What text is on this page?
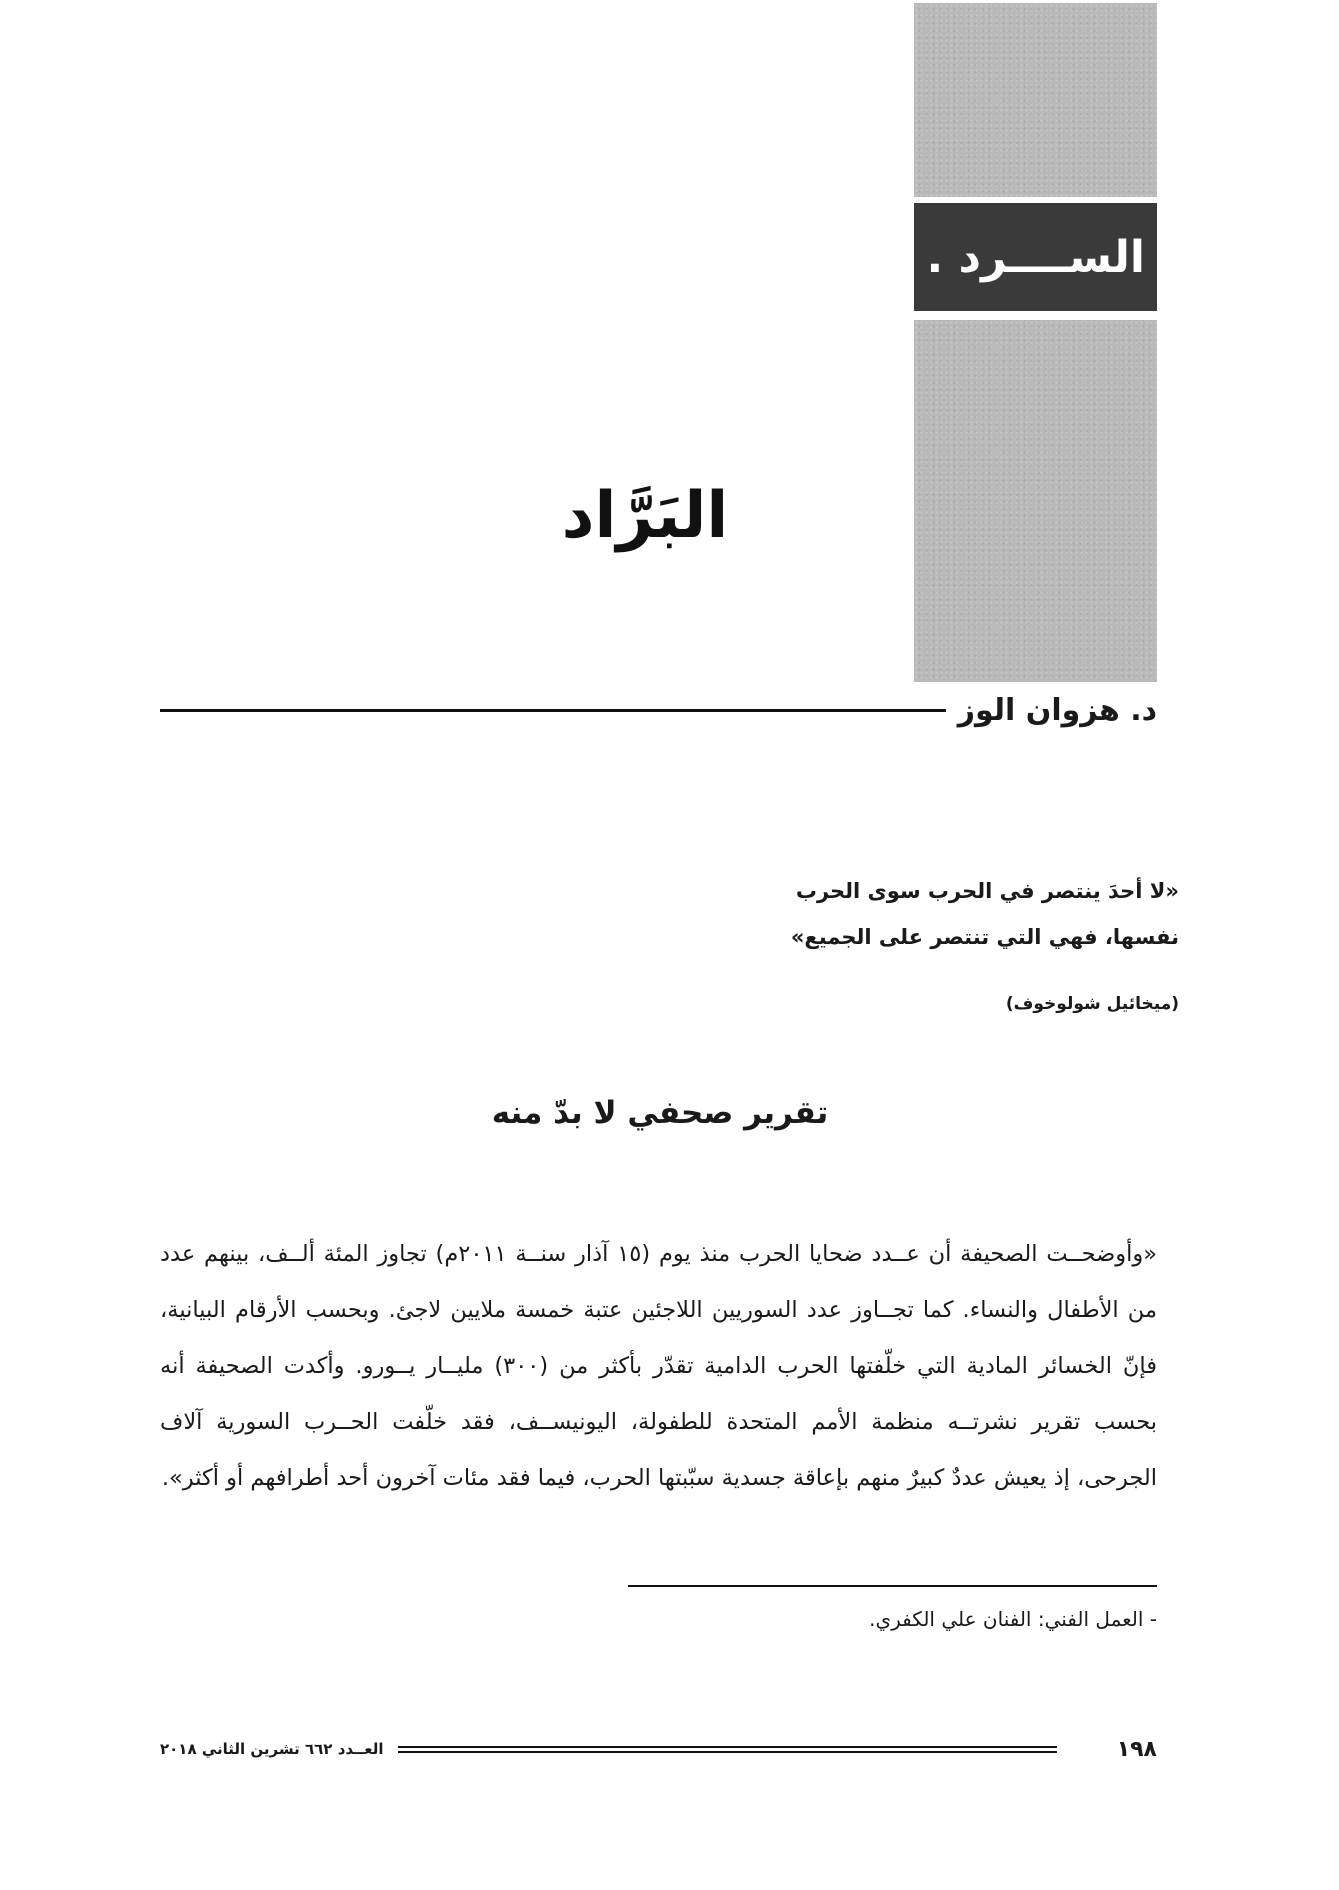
الســــرد . . .
البَرَّاد
د. هزوان الوز
«لا أحدَ ينتصر في الحرب سوى الحرب
نفسها، فهي التي تنتصر على الجميع»
(ميخائيل شولوخوف)
تقرير صحفي لا بدّ منه

«وأوضحــت الصحيفة أن عــدد ضحايا الحرب منذ يوم (١٥ آذار سنــة ٢٠١١م) تجاوز المئة ألــف، بينهم عدد من الأطفال والنساء. كما تجــاوز عدد السوريين اللاجئين عتبة خمسة ملايين لاجئ. وبحسب الأرقام البيانية، فإنّ الخسائر المادية التي خلّفتها الحرب الدامية تقدّر بأكثر من (٣٠٠) مليــار يــورو. وأكدت الصحيفة أنه بحسب تقرير نشرتــه منظمة الأمم المتحدة للطفولة، اليونيســف، فقد خلّفت الحــرب السورية آلاف الجرحى، إذ يعيش عددٌ كبيرٌ منهم بإعاقة جسدية سبّبتها الحرب، فيما فقد مئات آخرون أحد أطرافهم أو أكثر».

- العمل الفني: الفنان علي الكفري.
١٩٨
العــدد ٦٦٢ تشرين الثاني ٢٠١٨
